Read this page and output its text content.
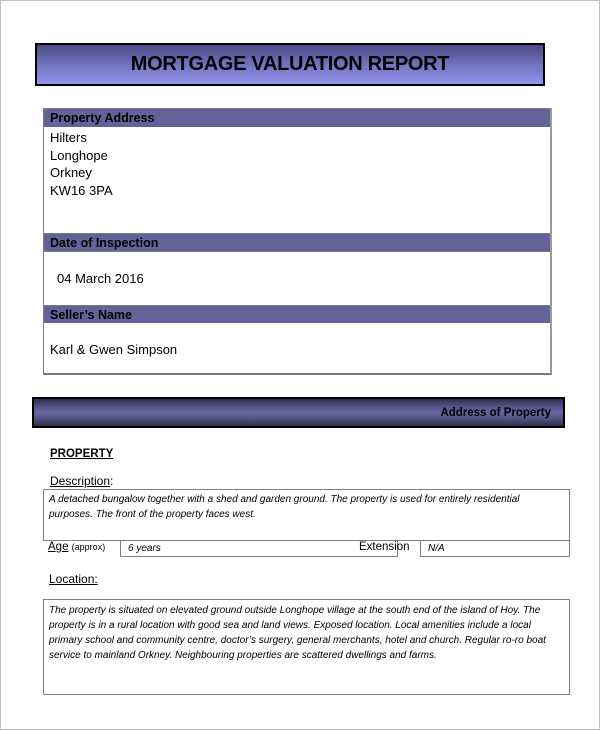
MORTGAGE VALUATION REPORT
Property Address
Hilters
Longhope
Orkney
KW16 3PA
Date of Inspection
04 March 2016
Seller’s Name
Karl & Gwen Simpson
Address of Property
PROPERTY
Description:
A detached bungalow together with a shed and garden ground. The property is used for entirely residential purposes. The front of the property faces west.
Age (approx)	6 years	Extension	N/A
Location:
The property is situated on elevated ground outside Longhope village at the south end of the island of Hoy. The property is in a rural location with good sea and land views. Exposed location. Local amenities include a local primary school and community centre, doctor’s surgery, general merchants, hotel and church. Regular ro-ro boat service to mainland Orkney. Neighbouring properties are scattered dwellings and farms.
